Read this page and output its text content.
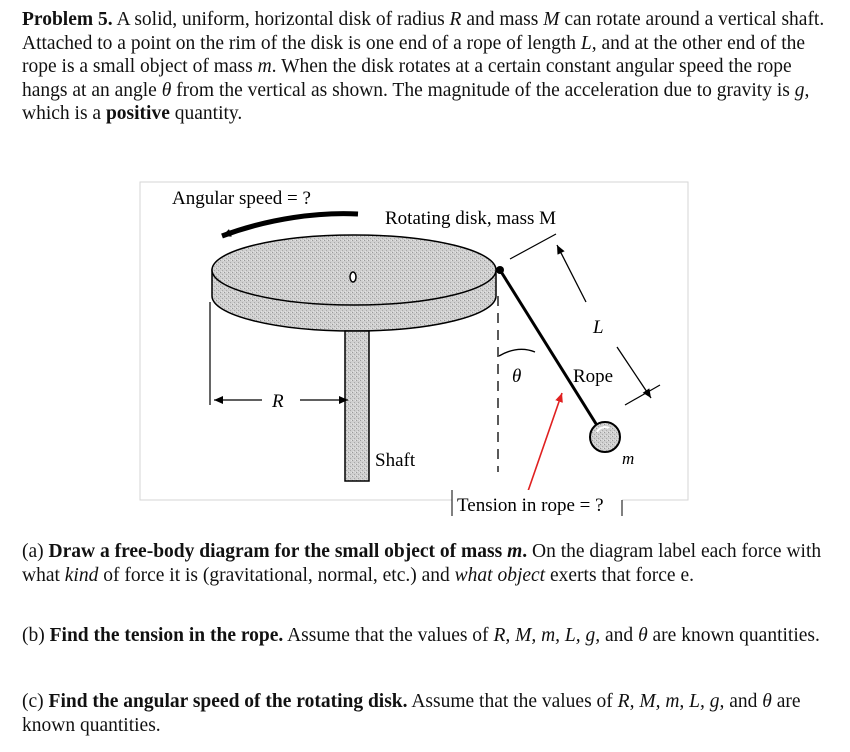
Problem 5. A solid, uniform, horizontal disk of radius R and mass M can rotate around a vertical shaft. Attached to a point on the rim of the disk is one end of a rope of length L, and at the other end of the rope is a small object of mass m. When the disk rotates at a certain constant angular speed the rope hangs at an angle θ from the vertical as shown. The magnitude of the acceleration due to gravity is g, which is a positive quantity.

Angular speed = ?
Rotating disk, mass M
Shaft
R
θ	Rope
L
m
Tension in rope = ?

(a) Draw a free-body diagram for the small object of mass m. On the diagram label each force with what kind of force it is (gravitational, normal, etc.) and what object exerts that force e.

(b) Find the tension in the rope. Assume that the values of R, M, m, L, g, and θ are known quantities.

(c) Find the angular speed of the rotating disk. Assume that the values of R, M, m, L, g, and θ are known quantities.
